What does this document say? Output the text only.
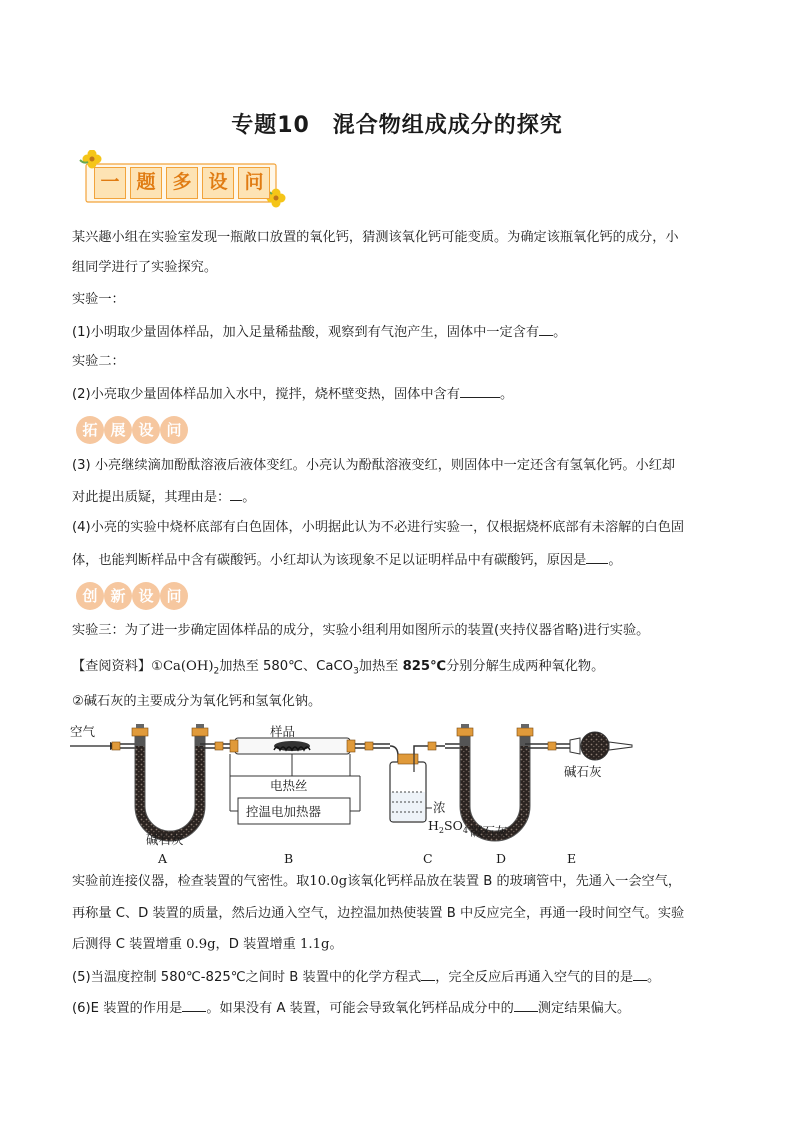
专题10　混合物组成成分的探究
一 题 多 设 问
某兴趣小组在实验室发现一瓶敞口放置的氧化钙，猜测该氧化钙可能变质。为确定该瓶氧化钙的成分，小
组同学进行了实验探究。
实验一：
(1)小明取少量固体样品，加入足量稀盐酸，观察到有气泡产生，固体中一定含有 。
实验二：
(2)小亮取少量固体样品加入水中，搅拌，烧杯壁变热，固体中含有	。
拓 展 设 问
(3) 小亮继续滴加酚酞溶液后液体变红。小亮认为酚酞溶液变红，则固体中一定还含有氢氧化钙。小红却
对此提出质疑，其理由是： 。
(4)小亮的实验中烧杯底部有白色固体，小明据此认为不必进行实验一，仅根据烧杯底部有未溶解的白色固
体，也能判断样品中含有碳酸钙。小红却认为该现象不足以证明样品中有碳酸钙，原因是 。
创 新 设 问
实验三：为了进一步确定固体样品的成分，实验小组利用如图所示的装置(夹持仪器省略)进行实验。
【查阅资料】$①Ca(OH)_2$加热至 580℃、CaCO$_3$加热至 825℃分别分解生成两种氧化物。
②碱石灰的主要成分为氧化钙和氢氧化钠。
样品
电热丝
控温电加热器	浓
$H_2SO_4$
空气
碱石灰
碱石灰
碱石灰
A	B	C	D	E
实验前连接仪器，检查装置的气密性。取10.0g该氧化钙样品放在装置 B 的玻璃管中，先通入一会空气，
再称量 C、D 装置的质量，然后边通入空气，边控温加热使装置 B 中反应完全，再通一段时间空气。实验
后测得 C 装置增重 0.9g，D 装置增重 1.1g。
(5)当温度控制 580℃-825℃之间时 B 装置中的化学方程式 ，完全反应后再通入空气的目的是 。
(6)E 装置的作用是 。如果没有 A 装置，可能会导致氧化钙样品成分中的 测定结果偏大。
